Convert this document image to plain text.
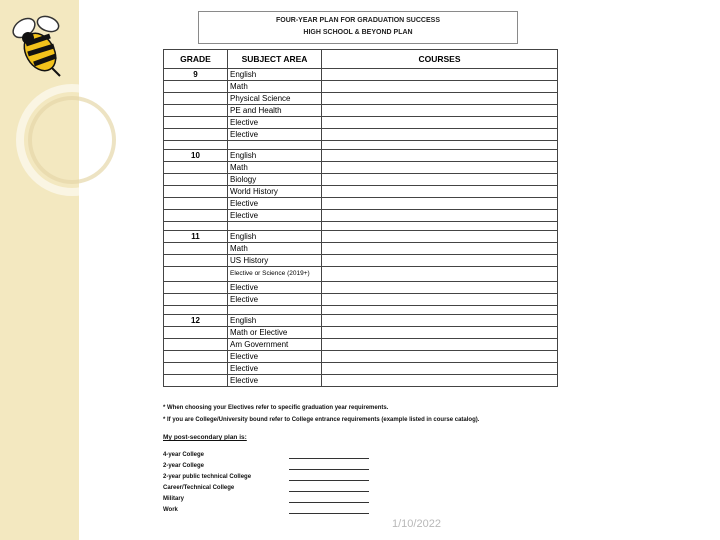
FOUR-YEAR PLAN FOR GRADUATION SUCCESS
HIGH SCHOOL & BEYOND PLAN
GRADE	SUBJECT AREA	COURSES
9	English	
	Math	
	Physical Science	
	PE and Health	
	Elective	
	Elective	

10	English	
	Math	
	Biology	
	World History	
	Elective	
	Elective	

11	English	
	Math	
	US History	
	Elective or Science (2019+)	
	Elective	
	Elective	

12	English	
	Math or Elective	
	Am Government	
	Elective	
	Elective	
	Elective	
* When choosing your Electives refer to specific graduation year requirements.
* If you are College/University bound refer to College entrance requirements (example listed in course catalog).
My post-secondary plan is:
4-year College
2-year College
2-year public technical College
Career/Technical College
Military
Work
1/10/2022
